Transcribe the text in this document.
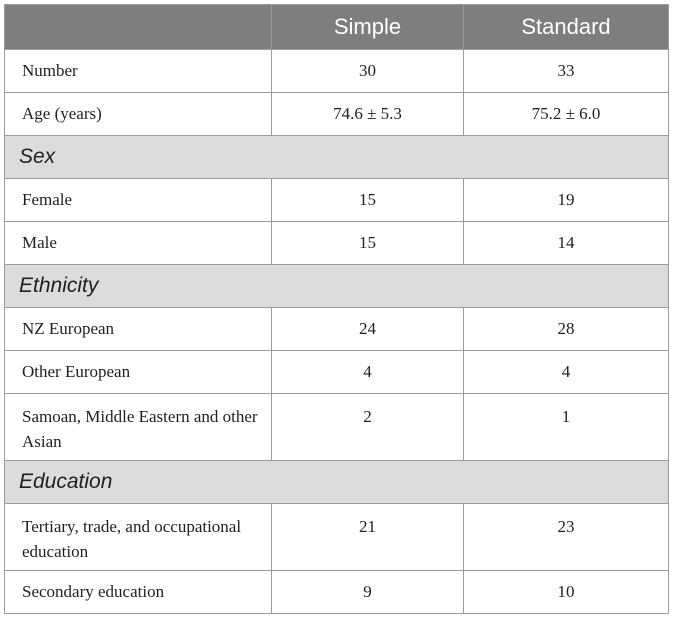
	Simple	Standard
Number	30	33
Age (years)	74.6 ± 5.3	75.2 ± 6.0
Sex		
Female	15	19
Male	15	14
Ethnicity		
NZ European	24	28
Other European	4	4
Samoan, Middle Eastern and other Asian	2	1
Education		
Tertiary, trade, and occupational education	21	23
Secondary education	9	10
